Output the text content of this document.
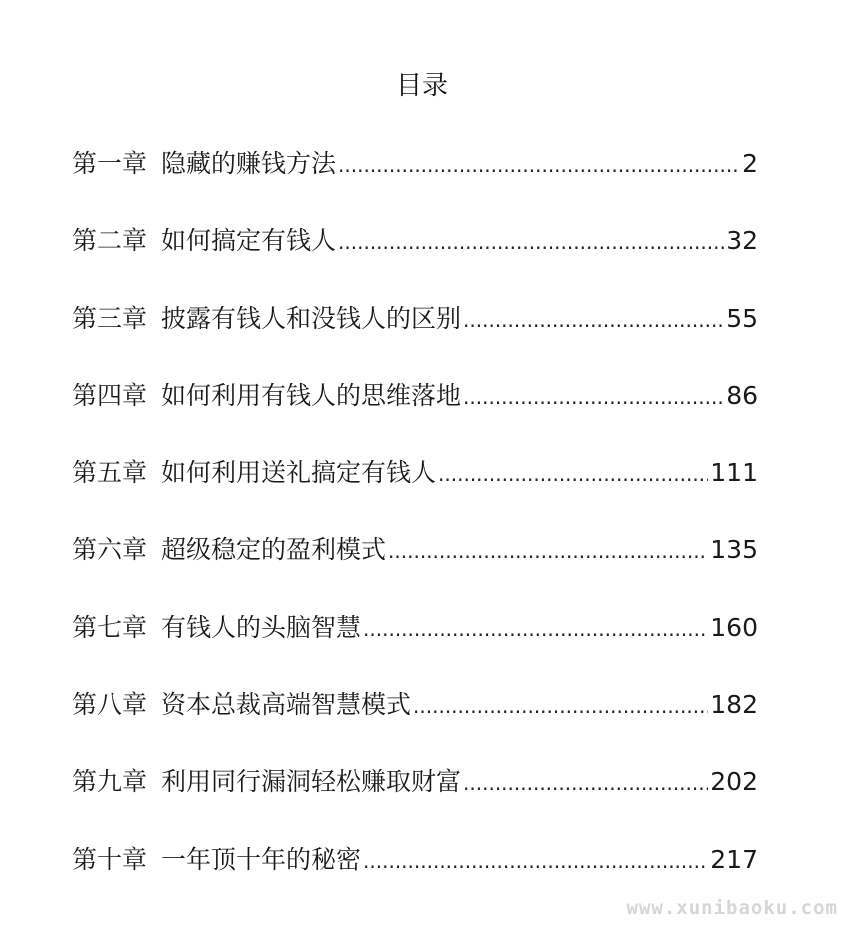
目录
第一章 隐藏的赚钱方法 .....	2
第二章 如何搞定有钱人 .....	32
第三章 披露有钱人和没钱人的区别 .....	55
第四章 如何利用有钱人的思维落地 .....	86
第五章 如何利用送礼搞定有钱人 .....	111
第六章 超级稳定的盈利模式 .....	135
第七章 有钱人的头脑智慧 .....	160
第八章 资本总裁高端智慧模式 .....	182
第九章 利用同行漏洞轻松赚取财富 .....	202
第十章 一年顶十年的秘密 .....	217
www.xunibaoku.com
